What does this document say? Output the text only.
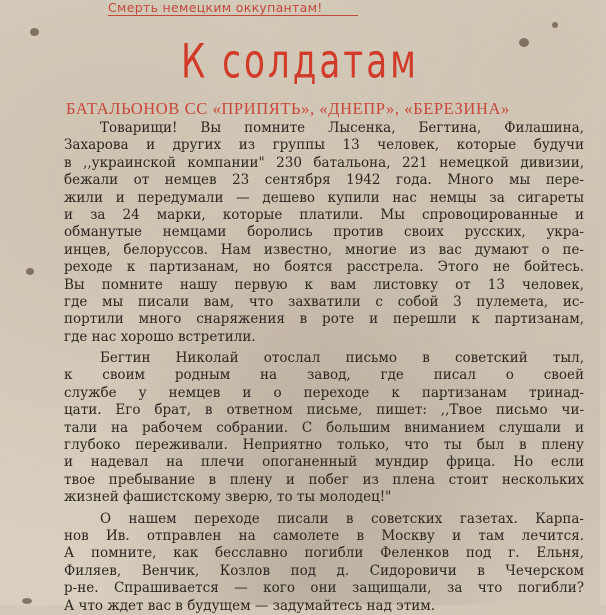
Смерть немецким оккупантам!
К солдатам
БАТАЛЬОНОВ СС «ПРИПЯТЬ», «ДНЕПР», «БЕРЕЗИНА»
Товарищи! Вы помните Лысенка, Бегтина, Филашина,
Захарова и других из группы 13 человек, которые будучи
в ,,украинской компании" 230 батальона, 221 немецкой дивизии,
бежали от немцев 23 сентября 1942 года. Много мы пере-
жили и передумали — дешево купили нас немцы за сигареты
и за 24 марки, которые платили. Мы спровоцированные и
обманутые немцами боролись против своих русских, укра-
инцев, белоруссов. Нам известно, многие из вас думают о пе-
реходе к партизанам, но боятся расстрела. Этого не бойтесь.
Вы помните нашу первую к вам листовку от 13 человек,
где мы писали вам, что захватили с собой 3 пулемета, ис-
портили много снаряжения в роте и перешли к партизанам,
где нас хорошо встретили.
Бегтин Николай отослал письмо в советский тыл,
к своим родным на завод, где писал о своей
службе у немцев и о переходе к партизанам тринад-
цати. Его брат, в ответном письме, пишет: ,,Твое письмо чи-
тали на рабочем собрании. С большим вниманием слушали и
глубоко переживали. Неприятно только, что ты был в плену
и надевал на плечи опоганенный мундир фрица. Но если
твое пребывание в плену и побег из плена стоит нескольких
жизней фашистскому зверю, то ты молодец!"
О нашем переходе писали в советских газетах. Карпа-
нов Ив. отправлен на самолете в Москву и там лечится.
А помните, как бесславно погибли Феленков под г. Ельня,
Филяев, Венчик, Козлов под д. Сидоровичи в Чечерском
р-не. Спрашивается — кого они защищали, за что погибли?
А что ждет вас в будущем — задумайтесь над этим.
